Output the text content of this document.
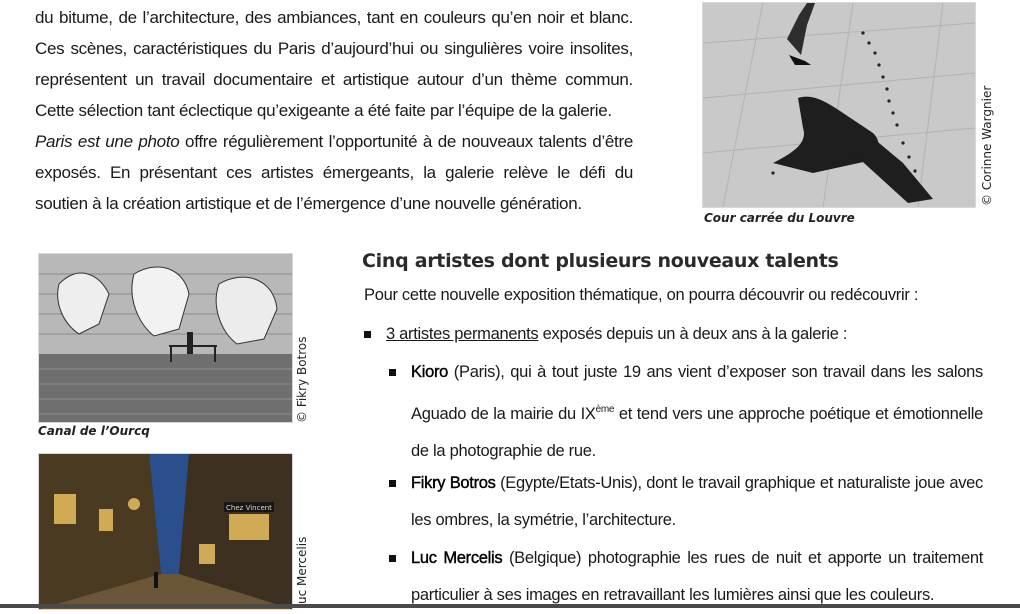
du bitume, de l’architecture, des ambiances, tant en couleurs qu’en noir et blanc. Ces scènes, caractéristiques du Paris d’aujourd’hui ou singulières voire insolites, représentent un travail documentaire et artistique autour d’un thème commun. Cette sélection tant éclectique qu’exigeante a été faite par l’équipe de la galerie.

Paris est une photo offre régulièrement l’opportunité à de nouveaux talents d’être exposés. En présentant ces artistes émergeants, la galerie relève le défi du soutien à la création artistique et de l’émergence d’une nouvelle génération.	© Corinne Wargnier
Cour carrée du Louvre
© Fikry Botros
Canal de l’Ourcq
Chez Vincent
uc Mercelis
Cinq artistes dont plusieurs nouveaux talents
Pour cette nouvelle exposition thématique, on pourra découvrir ou redécouvrir :
3 artistes permanents exposés depuis un à deux ans à la galerie :
Kioro (Paris), qui à tout juste 19 ans vient d’exposer son travail dans les salons Aguado de la mairie du IXème et tend vers une approche poétique et émotionnelle de la photographie de rue.
Fikry Botros (Egypte/Etats-Unis), dont le travail graphique et naturaliste joue avec les ombres, la symétrie, l’architecture.
Luc Mercelis (Belgique) photographie les rues de nuit et apporte un traitement particulier à ses images en retravaillant les lumières ainsi que les couleurs.
